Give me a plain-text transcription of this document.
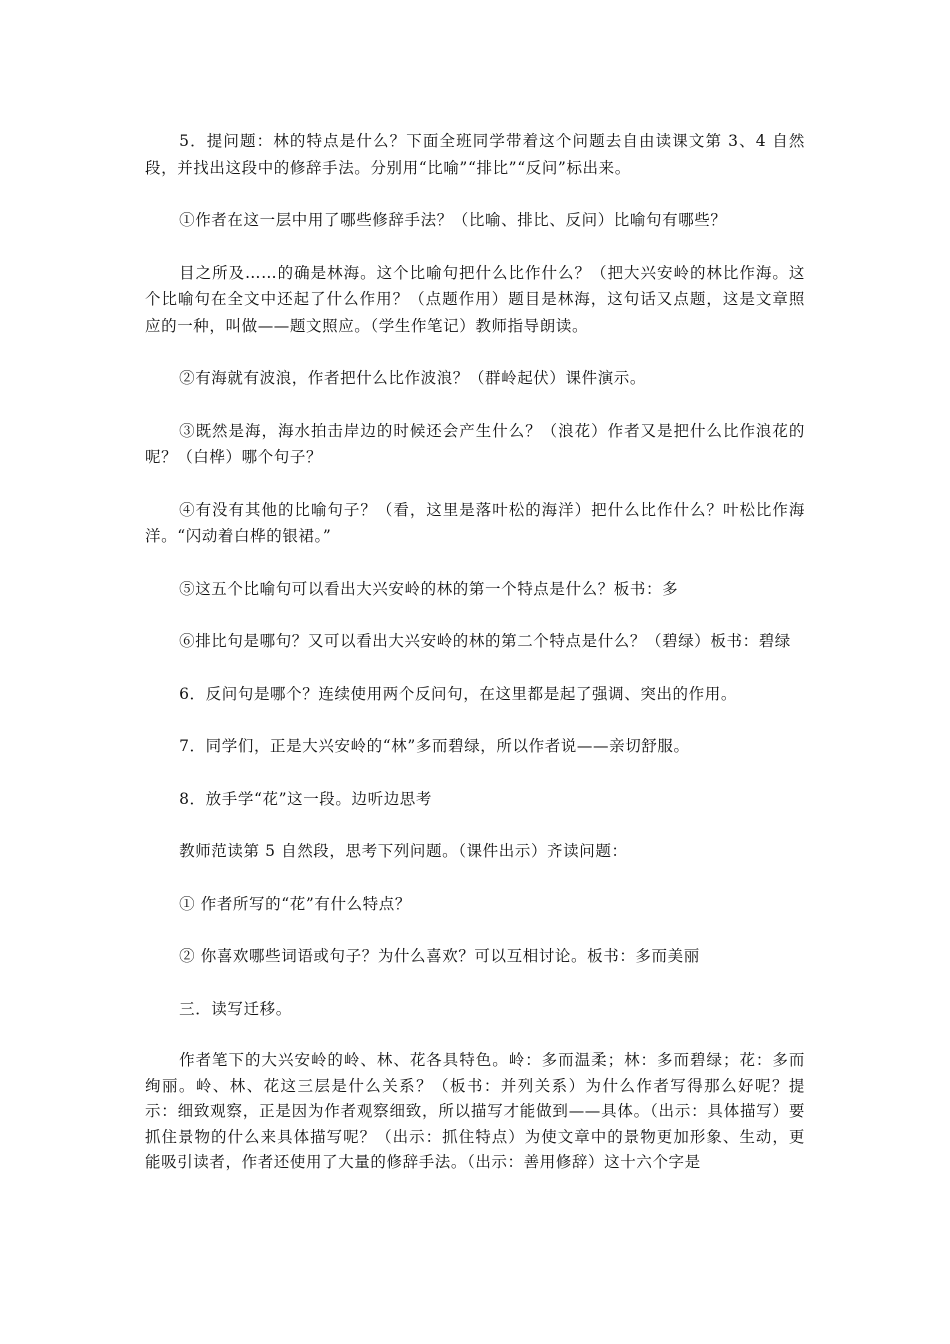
5．提问题：林的特点是什么？下面全班同学带着这个问题去自由读课文第 3、4 自然段，并找出这段中的修辞手法。分别用“比喻”“排比”“反问”标出来。

①作者在这一层中用了哪些修辞手法？（比喻、排比、反问）比喻句有哪些？

目之所及……的确是林海。这个比喻句把什么比作什么？（把大兴安岭的林比作海。这个比喻句在全文中还起了什么作用？（点题作用）题目是林海，这句话又点题，这是文章照应的一种，叫做——题文照应。（学生作笔记）教师指导朗读。

②有海就有波浪，作者把什么比作波浪？（群岭起伏）课件演示。

③既然是海，海水拍击岸边的时候还会产生什么？（浪花）作者又是把什么比作浪花的呢？（白桦）哪个句子？

④有没有其他的比喻句子？（看，这里是落叶松的海洋）把什么比作什么？叶松比作海洋。“闪动着白桦的银裙。”

⑤这五个比喻句可以看出大兴安岭的林的第一个特点是什么？板书：多

⑥排比句是哪句？又可以看出大兴安岭的林的第二个特点是什么？（碧绿）板书：碧绿

6．反问句是哪个？连续使用两个反问句，在这里都是起了强调、突出的作用。

7．同学们，正是大兴安岭的“林”多而碧绿，所以作者说——亲切舒服。

8．放手学“花”这一段。边听边思考

教师范读第 5 自然段，思考下列问题。（课件出示）齐读问题：

① 作者所写的“花”有什么特点？

② 你喜欢哪些词语或句子？为什么喜欢？可以互相讨论。板书：多而美丽

三．读写迁移。

作者笔下的大兴安岭的岭、林、花各具特色。岭：多而温柔；林：多而碧绿；花：多而绚丽。岭、林、花这三层是什么关系？（板书：并列关系）为什么作者写得那么好呢？提示：细致观察，正是因为作者观察细致，所以描写才能做到——具体。（出示：具体描写）要抓住景物的什么来具体描写呢？（出示：抓住特点）为使文章中的景物更加形象、生动，更能吸引读者，作者还使用了大量的修辞手法。（出示：善用修辞）这十六个字是
